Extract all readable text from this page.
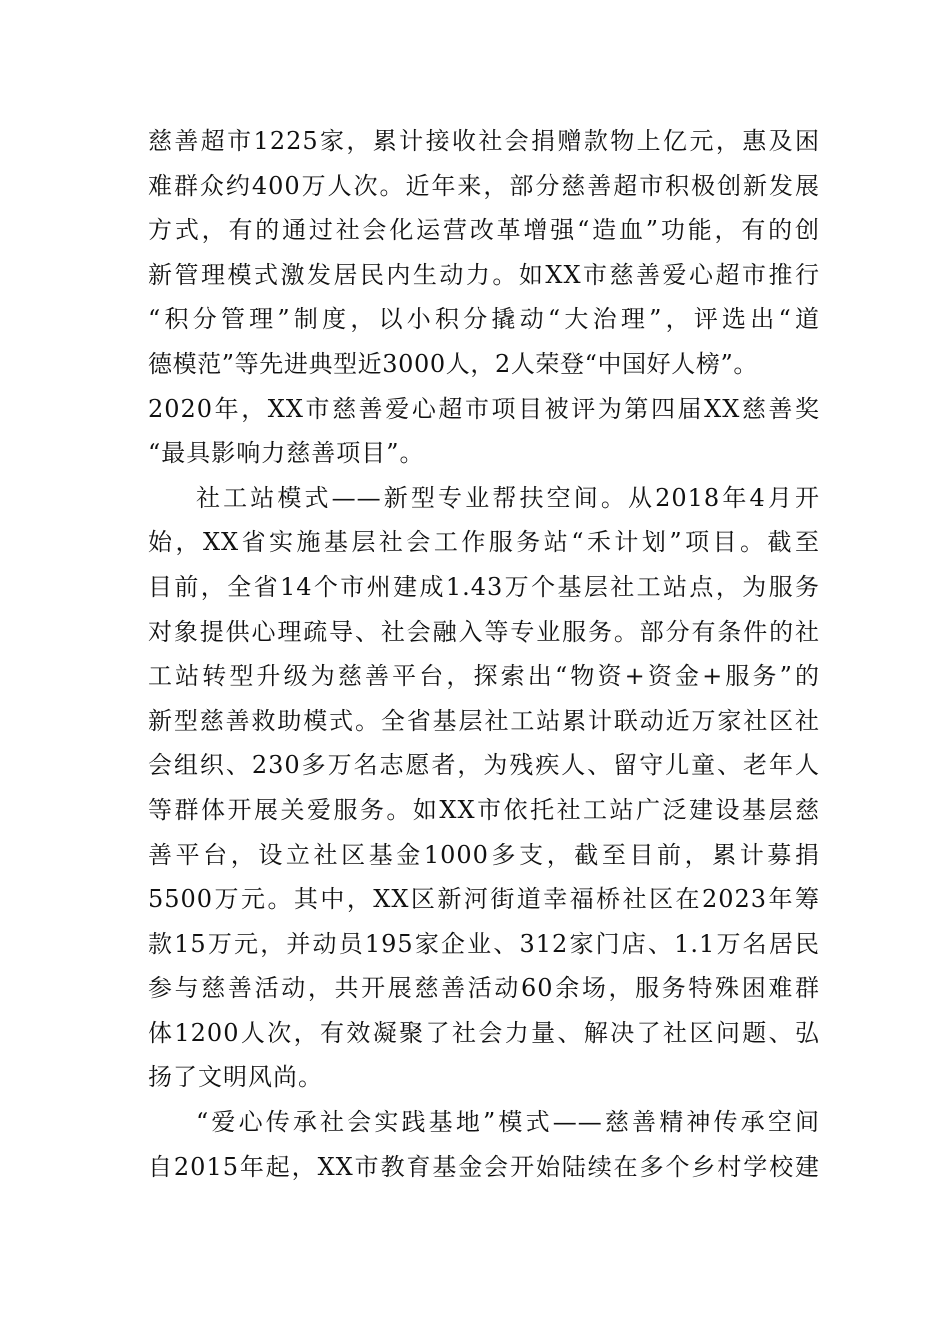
慈善超市1225家，累计接收社会捐赠款物上亿元，惠及困
难群众约400万人次。近年来，部分慈善超市积极创新发展
方式，有的通过社会化运营改革增强“造血”功能，有的创
新管理模式激发居民内生动力。如XX市慈善爱心超市推行
“积分管理”制度，以小积分撬动“大治理”，评选出“道
德模范”等先进典型近3000人，2人荣登“中国好人榜”。
2020年，XX市慈善爱心超市项目被评为第四届XX慈善奖
“最具影响力慈善项目”。

社工站模式——新型专业帮扶空间。从2018年4月开
始，XX省实施基层社会工作服务站“禾计划”项目。截至
目前，全省14个市州建成1.43万个基层社工站点，为服务
对象提供心理疏导、社会融入等专业服务。部分有条件的社
工站转型升级为慈善平台，探索出“物资+资金+服务”的
新型慈善救助模式。全省基层社工站累计联动近万家社区社
会组织、230多万名志愿者，为残疾人、留守儿童、老年人
等群体开展关爱服务。如XX市依托社工站广泛建设基层慈
善平台，设立社区基金1000多支，截至目前，累计募捐
5500万元。其中，XX区新河街道幸福桥社区在2023年筹
款15万元，并动员195家企业、312家门店、1.1万名居民
参与慈善活动，共开展慈善活动60余场，服务特殊困难群
体1200人次，有效凝聚了社会力量、解决了社区问题、弘
扬了文明风尚。

“爱心传承社会实践基地”模式——慈善精神传承空间
自2015年起，XX市教育基金会开始陆续在多个乡村学校建
